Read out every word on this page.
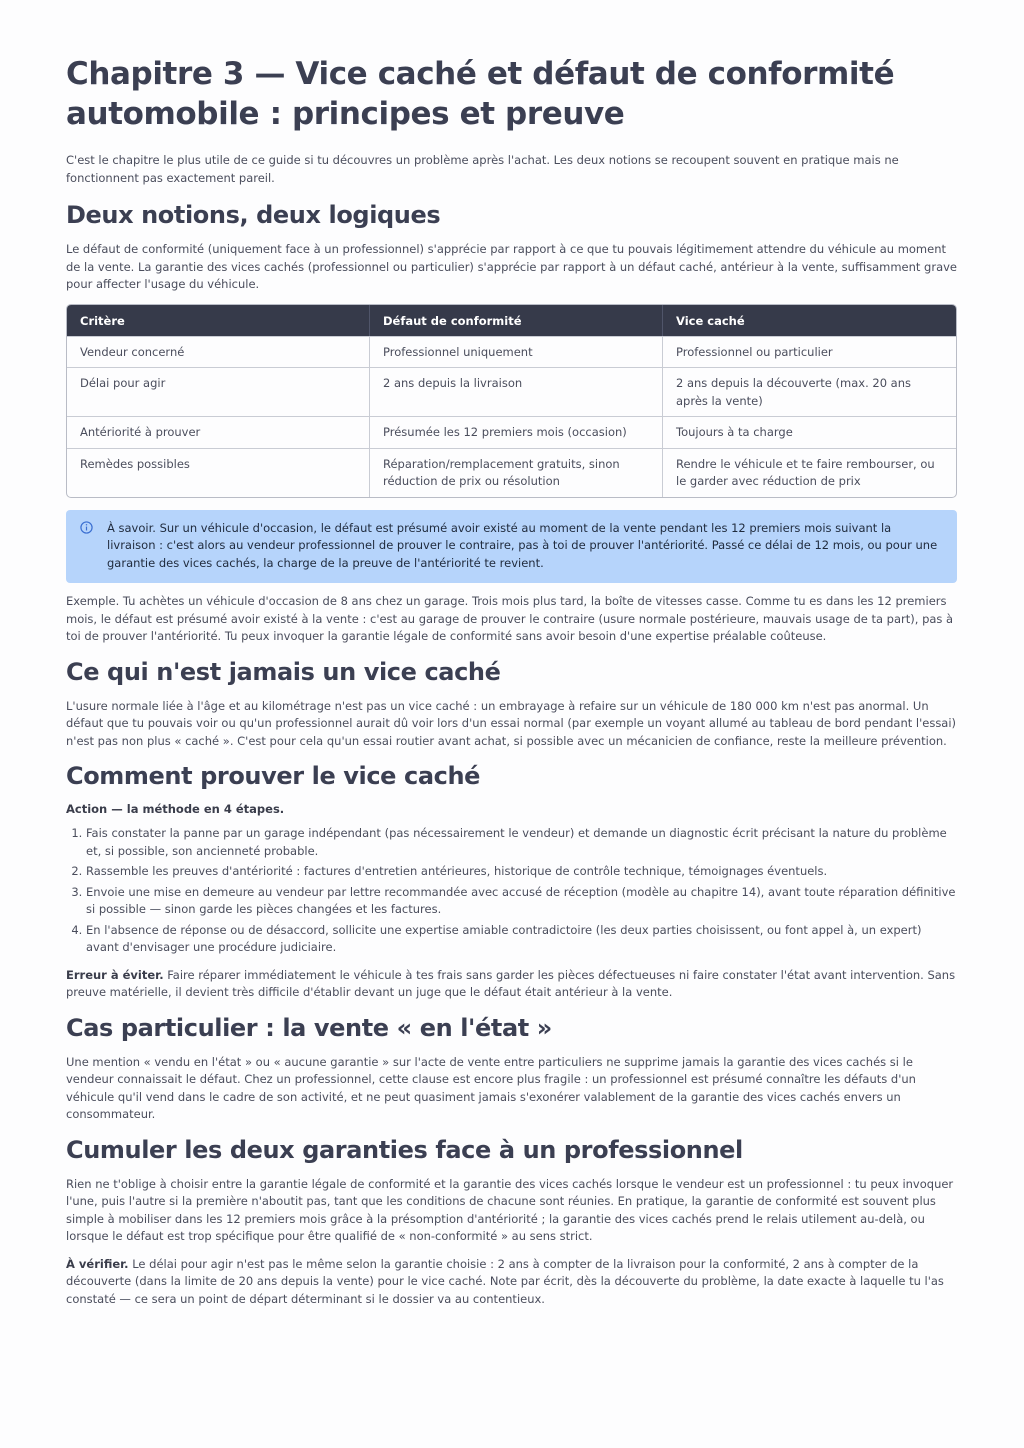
Chapitre 3 — Vice caché et défaut de conformité automobile : principes et preuve

C'est le chapitre le plus utile de ce guide si tu découvres un problème après l'achat. Les deux notions se recoupent souvent en pratique mais ne fonctionnent pas exactement pareil.

Deux notions, deux logiques

Le défaut de conformité (uniquement face à un professionnel) s'apprécie par rapport à ce que tu pouvais légitimement attendre du véhicule au moment de la vente. La garantie des vices cachés (professionnel ou particulier) s'apprécie par rapport à un défaut caché, antérieur à la vente, suffisamment grave pour affecter l'usage du véhicule.

Critère	Défaut de conformité	Vice caché
Vendeur concerné	Professionnel uniquement	Professionnel ou particulier
Délai pour agir	2 ans depuis la livraison	2 ans depuis la découverte (max. 20 ans après la vente)
Antériorité à prouver	Présumée les 12 premiers mois (occasion)	Toujours à ta charge
Remèdes possibles	Réparation/remplacement gratuits, sinon réduction de prix ou résolution	Rendre le véhicule et te faire rembourser, ou le garder avec réduction de prix
À savoir. Sur un véhicule d'occasion, le défaut est présumé avoir existé au moment de la vente pendant les 12 premiers mois suivant la livraison : c'est alors au vendeur professionnel de prouver le contraire, pas à toi de prouver l'antériorité. Passé ce délai de 12 mois, ou pour une garantie des vices cachés, la charge de la preuve de l'antériorité te revient.

Exemple. Tu achètes un véhicule d'occasion de 8 ans chez un garage. Trois mois plus tard, la boîte de vitesses casse. Comme tu es dans les 12 premiers mois, le défaut est présumé avoir existé à la vente : c'est au garage de prouver le contraire (usure normale postérieure, mauvais usage de ta part), pas à toi de prouver l'antériorité. Tu peux invoquer la garantie légale de conformité sans avoir besoin d'une expertise préalable coûteuse.

Ce qui n'est jamais un vice caché

L'usure normale liée à l'âge et au kilométrage n'est pas un vice caché : un embrayage à refaire sur un véhicule de 180 000 km n'est pas anormal. Un défaut que tu pouvais voir ou qu'un professionnel aurait dû voir lors d'un essai normal (par exemple un voyant allumé au tableau de bord pendant l'essai) n'est pas non plus « caché ». C'est pour cela qu'un essai routier avant achat, si possible avec un mécanicien de confiance, reste la meilleure prévention.

Comment prouver le vice caché
Action — la méthode en 4 étapes.
1. Fais constater la panne par un garage indépendant (pas nécessairement le vendeur) et demande un diagnostic écrit précisant la nature du problème et, si possible, son ancienneté probable.
2. Rassemble les preuves d'antériorité : factures d'entretien antérieures, historique de contrôle technique, témoignages éventuels.
3. Envoie une mise en demeure au vendeur par lettre recommandée avec accusé de réception (modèle au chapitre 14), avant toute réparation définitive si possible — sinon garde les pièces changées et les factures.
4. En l'absence de réponse ou de désaccord, sollicite une expertise amiable contradictoire (les deux parties choisissent, ou font appel à, un expert) avant d'envisager une procédure judiciaire.

Erreur à éviter. Faire réparer immédiatement le véhicule à tes frais sans garder les pièces défectueuses ni faire constater l'état avant intervention. Sans preuve matérielle, il devient très difficile d'établir devant un juge que le défaut était antérieur à la vente.

Cas particulier : la vente « en l'état »

Une mention « vendu en l'état » ou « aucune garantie » sur l'acte de vente entre particuliers ne supprime jamais la garantie des vices cachés si le vendeur connaissait le défaut. Chez un professionnel, cette clause est encore plus fragile : un professionnel est présumé connaître les défauts d'un véhicule qu'il vend dans le cadre de son activité, et ne peut quasiment jamais s'exonérer valablement de la garantie des vices cachés envers un consommateur.

Cumuler les deux garanties face à un professionnel

Rien ne t'oblige à choisir entre la garantie légale de conformité et la garantie des vices cachés lorsque le vendeur est un professionnel : tu peux invoquer l'une, puis l'autre si la première n'aboutit pas, tant que les conditions de chacune sont réunies. En pratique, la garantie de conformité est souvent plus simple à mobiliser dans les 12 premiers mois grâce à la présomption d'antériorité ; la garantie des vices cachés prend le relais utilement au-delà, ou lorsque le défaut est trop spécifique pour être qualifié de « non-conformité » au sens strict.

À vérifier. Le délai pour agir n'est pas le même selon la garantie choisie : 2 ans à compter de la livraison pour la conformité, 2 ans à compter de la découverte (dans la limite de 20 ans depuis la vente) pour le vice caché. Note par écrit, dès la découverte du problème, la date exacte à laquelle tu l'as constaté — ce sera un point de départ déterminant si le dossier va au contentieux.
